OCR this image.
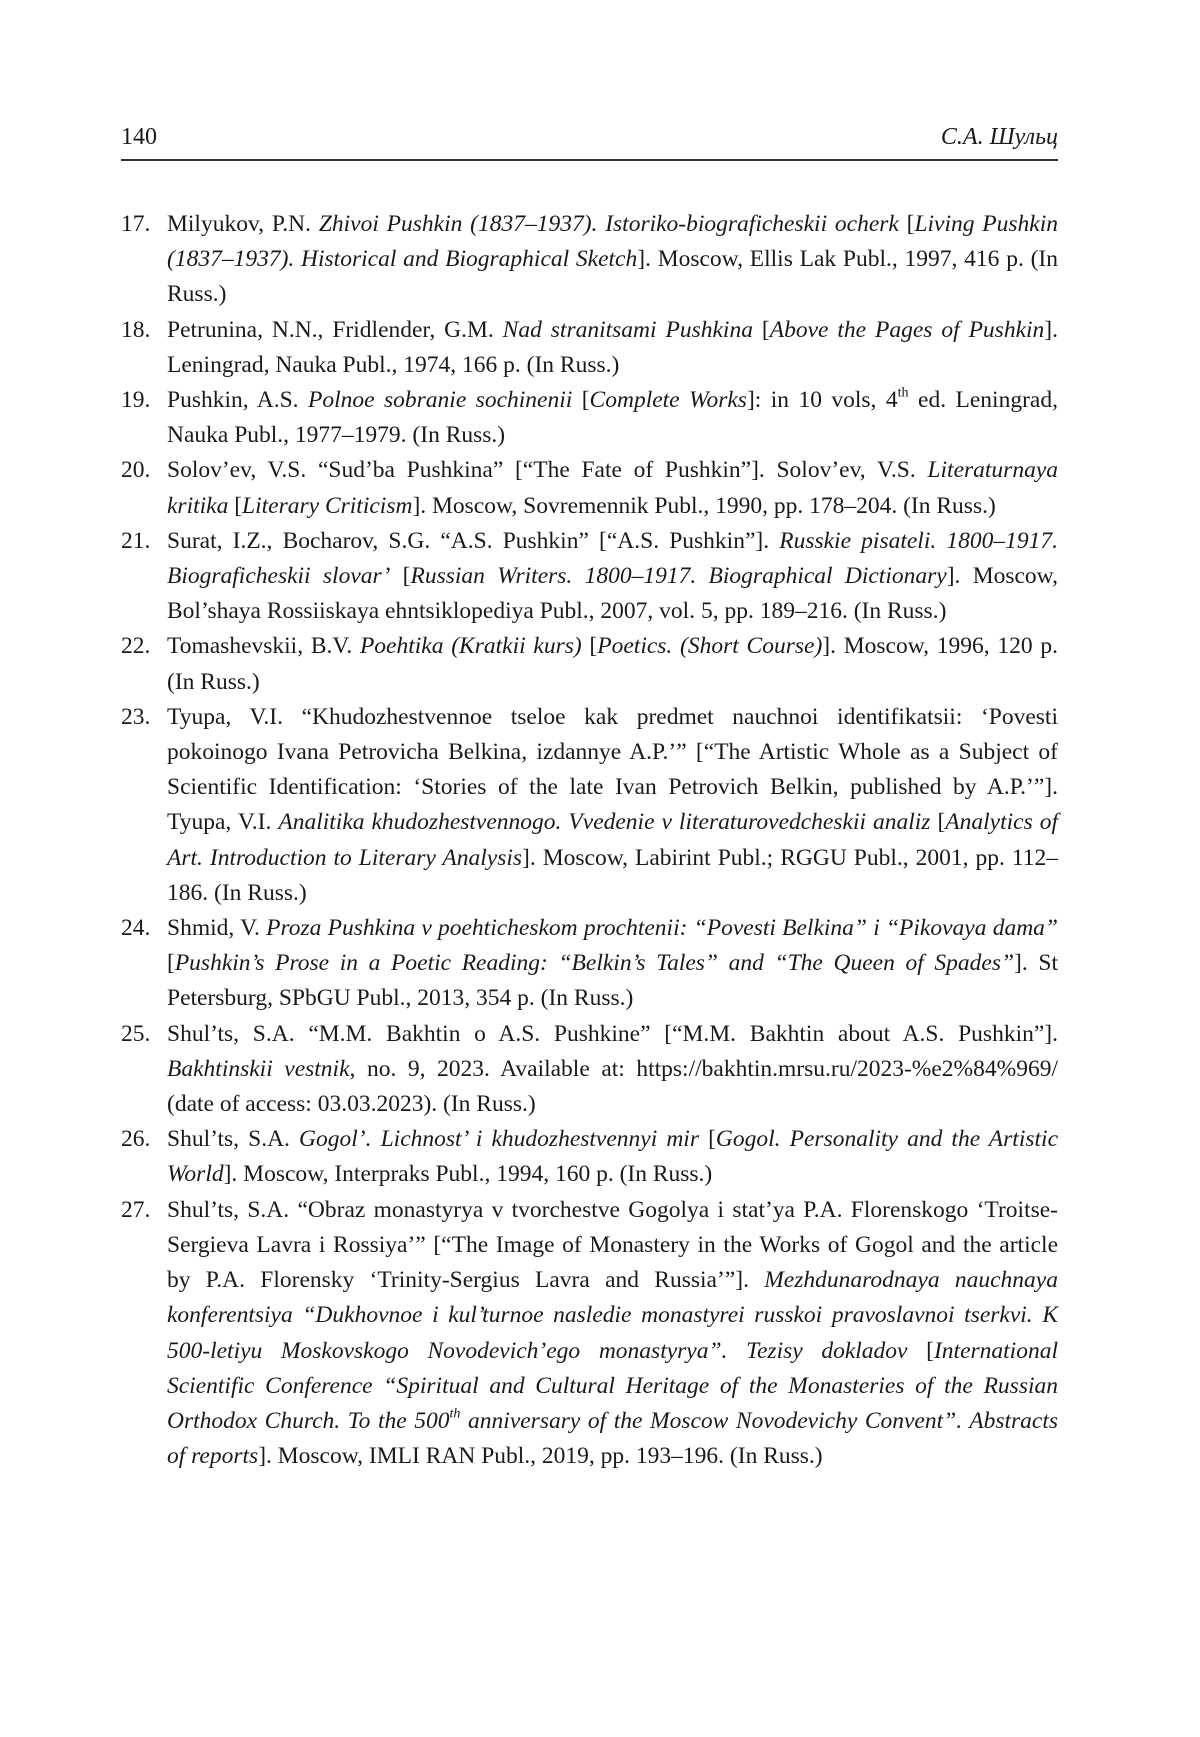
140	С.А. Шульц
17. Milyukov, P.N. Zhivoi Pushkin (1837–1937). Istoriko-biograficheskii ocherk [Living Pushkin (1837–1937). Historical and Biographical Sketch]. Moscow, Ellis Lak Publ., 1997, 416 p. (In Russ.)
18. Petrunina, N.N., Fridlender, G.M. Nad stranitsami Pushkina [Above the Pages of Pushkin]. Leningrad, Nauka Publ., 1974, 166 p. (In Russ.)
19. Pushkin, A.S. Polnoe sobranie sochinenii [Complete Works]: in 10 vols, 4th ed. Leningrad, Nauka Publ., 1977–1979. (In Russ.)
20. Solov’ev, V.S. “Sud’ba Pushkina” [“The Fate of Pushkin”]. Solov’ev, V.S. Literaturnaya kritika [Literary Criticism]. Moscow, Sovremennik Publ., 1990, pp. 178–204. (In Russ.)
21. Surat, I.Z., Bocharov, S.G. “A.S. Pushkin” [“A.S. Pushkin”]. Russkie pisateli. 1800–1917. Biograficheskii slovar’ [Russian Writers. 1800–1917. Biographical Dictionary]. Moscow, Bol’shaya Rossiiskaya ehntsiklopediya Publ., 2007, vol. 5, pp. 189–216. (In Russ.)
22. Tomashevskii, B.V. Poehtika (Kratkii kurs) [Poetics. (Short Course)]. Moscow, 1996, 120 p. (In Russ.)
23. Tyupa, V.I. “Khudozhestvennoe tseloe kak predmet nauchnoi identifikatsii: ‘Povesti pokoinogo Ivana Petrovicha Belkina, izdannye A.P.’” [“The Artistic Whole as a Subject of Scientific Identification: ‘Stories of the late Ivan Petrovich Belkin, published by A.P.’”]. Tyupa, V.I. Analitika khudozhestvennogo. Vvedenie v literaturovedcheskii analiz [Analytics of Art. Introduction to Literary Analysis]. Moscow, Labirint Publ.; RGGU Publ., 2001, pp. 112–186. (In Russ.)
24. Shmid, V. Proza Pushkina v poehticheskom prochtenii: “Povesti Belkina” i “Pikovaya dama” [Pushkin’s Prose in a Poetic Reading: “Belkin’s Tales” and “The Queen of Spades”]. St Petersburg, SPbGU Publ., 2013, 354 p. (In Russ.)
25. Shul’ts, S.A. “M.M. Bakhtin o A.S. Pushkine” [“M.M. Bakhtin about A.S. Pushkin”]. Bakhtinskii vestnik, no. 9, 2023. Available at: https://bakhtin.mrsu.ru/2023-%e2%84%969/ (date of access: 03.03.2023). (In Russ.)
26. Shul’ts, S.A. Gogol’. Lichnost’ i khudozhestvennyi mir [Gogol. Personality and the Artistic World]. Moscow, Interpraks Publ., 1994, 160 p. (In Russ.)
27. Shul’ts, S.A. “Obraz monastyrya v tvorchestve Gogolya i stat’ya P.A. Florenskogo ‘Troitse-Sergieva Lavra i Rossiya’” [“The Image of Monastery in the Works of Gogol and the article by P.A. Florensky ‘Trinity-Sergius Lavra and Russia’”]. Mezhdunarodnaya nauchnaya konferentsiya “Dukhovnoe i kul’turnoe nasledie monastyrei russkoi pravoslavnoi tserkvi. K 500-letiyu Moskovskogo Novodevich’ego monastyrya”. Tezisy dokladov [International Scientific Conference “Spiritual and Cultural Heritage of the Monasteries of the Russian Orthodox Church. To the 500th anniversary of the Moscow Novodevichy Convent”. Abstracts of reports]. Moscow, IMLI RAN Publ., 2019, pp. 193–196. (In Russ.)
